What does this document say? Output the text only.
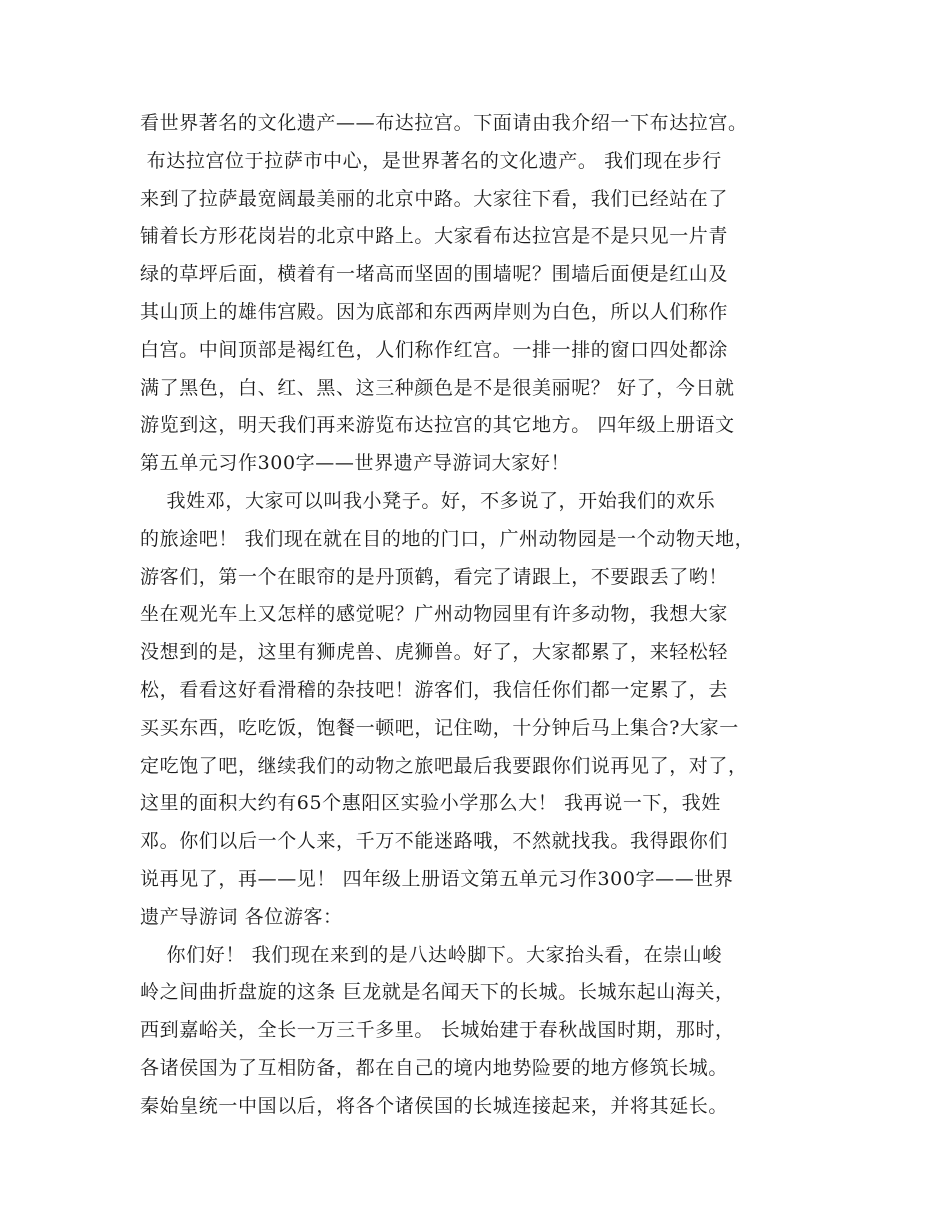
看世界著名的文化遗产——布达拉宫。下面请由我介绍一下布达拉宫。
布达拉宫位于拉萨市中心，是世界著名的文化遗产。 我们现在步行
来到了拉萨最宽阔最美丽的北京中路。大家往下看，我们已经站在了
铺着长方形花岗岩的北京中路上。大家看布达拉宫是不是只见一片青
绿的草坪后面，横着有一堵高而坚固的围墙呢？围墙后面便是红山及
其山顶上的雄伟宫殿。因为底部和东西两岸则为白色，所以人们称作
白宫。中间顶部是褐红色，人们称作红宫。一排一排的窗口四处都涂
满了黑色，白、红、黑、这三种颜色是不是很美丽呢？ 好了，今日就
游览到这，明天我们再来游览布达拉宫的其它地方。 四年级上册语文
第五单元习作300字——世界遗产导游词大家好！
我姓邓，大家可以叫我小凳子。好，不多说了，开始我们的欢乐
的旅途吧！ 我们现在就在目的地的门口，广州动物园是一个动物天地，
游客们，第一个在眼帘的是丹顶鹤，看完了请跟上，不要跟丢了哟！
坐在观光车上又怎样的感觉呢？广州动物园里有许多动物，我想大家
没想到的是，这里有狮虎兽、虎狮兽。好了，大家都累了，来轻松轻
松，看看这好看滑稽的杂技吧！游客们，我信任你们都一定累了，去
买买东西，吃吃饭，饱餐一顿吧，记住呦，十分钟后马上集合?大家一
定吃饱了吧，继续我们的动物之旅吧最后我要跟你们说再见了，对了，
这里的面积大约有65个惠阳区实验小学那么大！ 我再说一下，我姓
邓。你们以后一个人来，千万不能迷路哦，不然就找我。我得跟你们
说再见了，再——见！ 四年级上册语文第五单元习作300字——世界
遗产导游词 各位游客：
你们好！ 我们现在来到的是八达岭脚下。大家抬头看，在崇山峻
岭之间曲折盘旋的这条 巨龙就是名闻天下的长城。长城东起山海关，
西到嘉峪关，全长一万三千多里。 长城始建于春秋战国时期，那时，
各诸侯国为了互相防备，都在自己的境内地势险要的地方修筑长城。
秦始皇统一中国以后，将各个诸侯国的长城连接起来，并将其延长。
